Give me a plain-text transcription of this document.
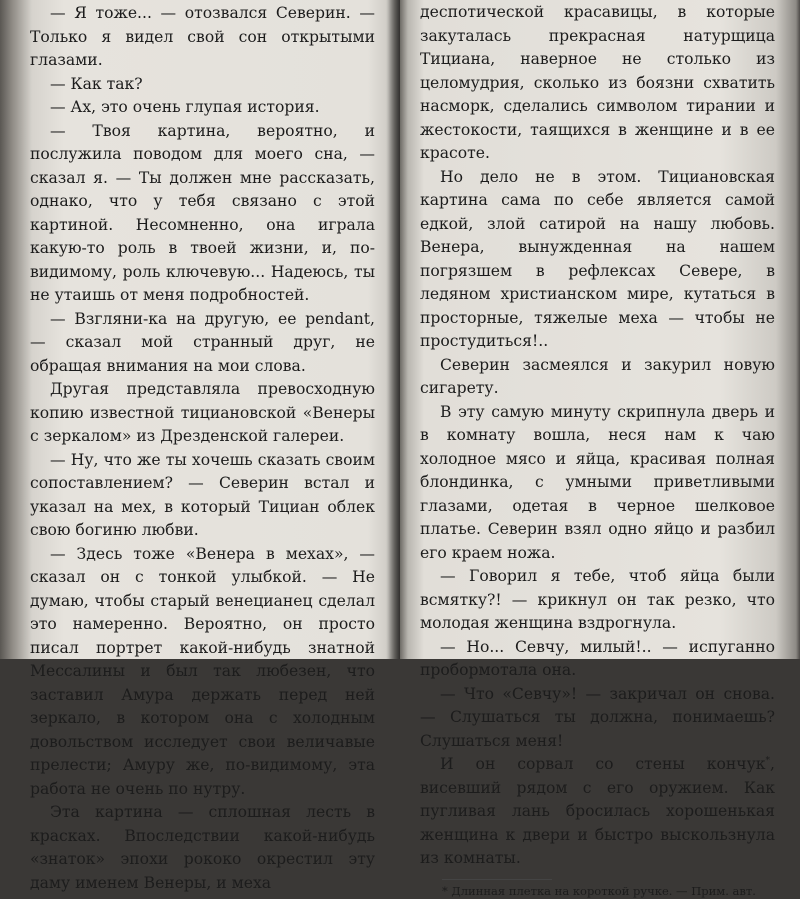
— Я тоже... — отозвался Северин. — Только я видел свой сон открытыми глазами.

— Как так?

— Ах, это очень глупая история.

— Твоя картина, вероятно, и послужила поводом для моего сна, — сказал я. — Ты должен мне рассказать, однако, что у тебя связано с этой картиной. Несомненно, она играла какую-то роль в твоей жизни, и, по-видимому, роль ключевую... Надеюсь, ты не утаишь от меня подробностей.

— Взгляни-ка на другую, ее pendant, — сказал мой странный друг, не обращая внимания на мои слова.

Другая представляла превосходную копию известной тициановской «Венеры с зеркалом» из Дрезденской галереи.

— Ну, что же ты хочешь сказать своим сопоставлением? — Северин встал и указал на мех, в который Тициан облек свою богиню любви.

— Здесь тоже «Венера в мехах», — сказал он с тонкой улыбкой. — Не думаю, чтобы старый венецианец сделал это намеренно. Вероятно, он просто писал портрет какой-нибудь знатной Мессалины и был так любезен, что заставил Амура держать перед ней зеркало, в котором она с холодным довольством исследует свои величавые прелести; Амуру же, по-видимому, эта работа не очень по нутру.

Эта картина — сплошная лесть в красках. Впоследствии какой-нибудь «знаток» эпохи рококо окрестил эту даму именем Венеры, и меха

деспотической красавицы, в которые закуталась прекрасная натурщица Тициана, наверное не столько из целомудрия, сколько из боязни схватить насморк, сделались символом тирании и жестокости, таящихся в женщине и в ее красоте.

Но дело не в этом. Тициановская картина сама по себе является самой едкой, злой сатирой на нашу любовь. Венера, вынужденная на нашем погрязшем в рефлексах Севере, в ледяном христианском мире, кутаться в просторные, тяжелые меха — чтобы не простудиться!..

Северин засмеялся и закурил новую сигарету.

В эту самую минуту скрипнула дверь и в комнату вошла, неся нам к чаю холодное мясо и яйца, красивая полная блондинка, с умными приветливыми глазами, одетая в черное шелковое платье. Северин взял одно яйцо и разбил его краем ножа.

— Говорил я тебе, чтоб яйца были всмятку?! — крикнул он так резко, что молодая женщина вздрогнула.

— Но... Севчу, милый!.. — испуганно пробормотала она.

— Что «Севчу»! — закричал он снова. — Слушаться ты должна, понимаешь? Слушаться меня!

И он сорвал со стены кончук*, висевший рядом с его оружием. Как пугливая лань бросилась хорошенькая женщина к двери и быстро выскользнула из комнаты.

* Длинная плетка на короткой ручке. — Прим. авт.
